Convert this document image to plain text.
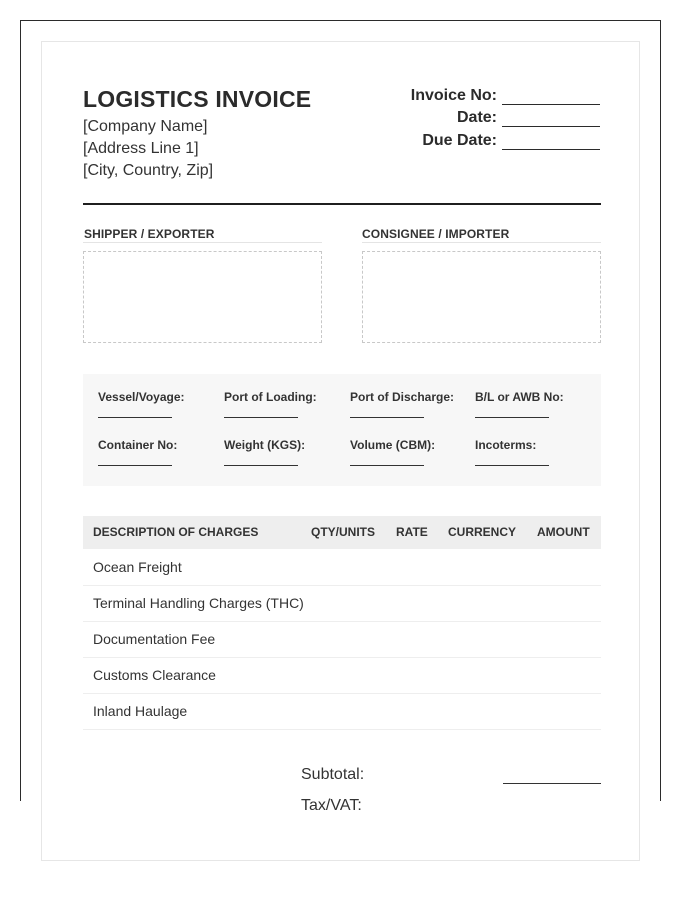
LOGISTICS INVOICE
[Company Name]
[Address Line 1]
[City, Country, Zip]
Invoice No:
Date:
Due Date:
SHIPPER / EXPORTER	CONSIGNEE / IMPORTER
Vessel/Voyage:	Port of Loading:	Port of Discharge: B/L or AWB No:
Container No:	Weight (KGS):	Volume (CBM):	Incoterms:
DESCRIPTION OF CHARGES	QTY/UNITS RATE CURRENCY AMOUNT
Ocean Freight
Terminal Handling Charges (THC)
Documentation Fee
Customs Clearance
Inland Haulage
Subtotal:
Tax/VAT:
